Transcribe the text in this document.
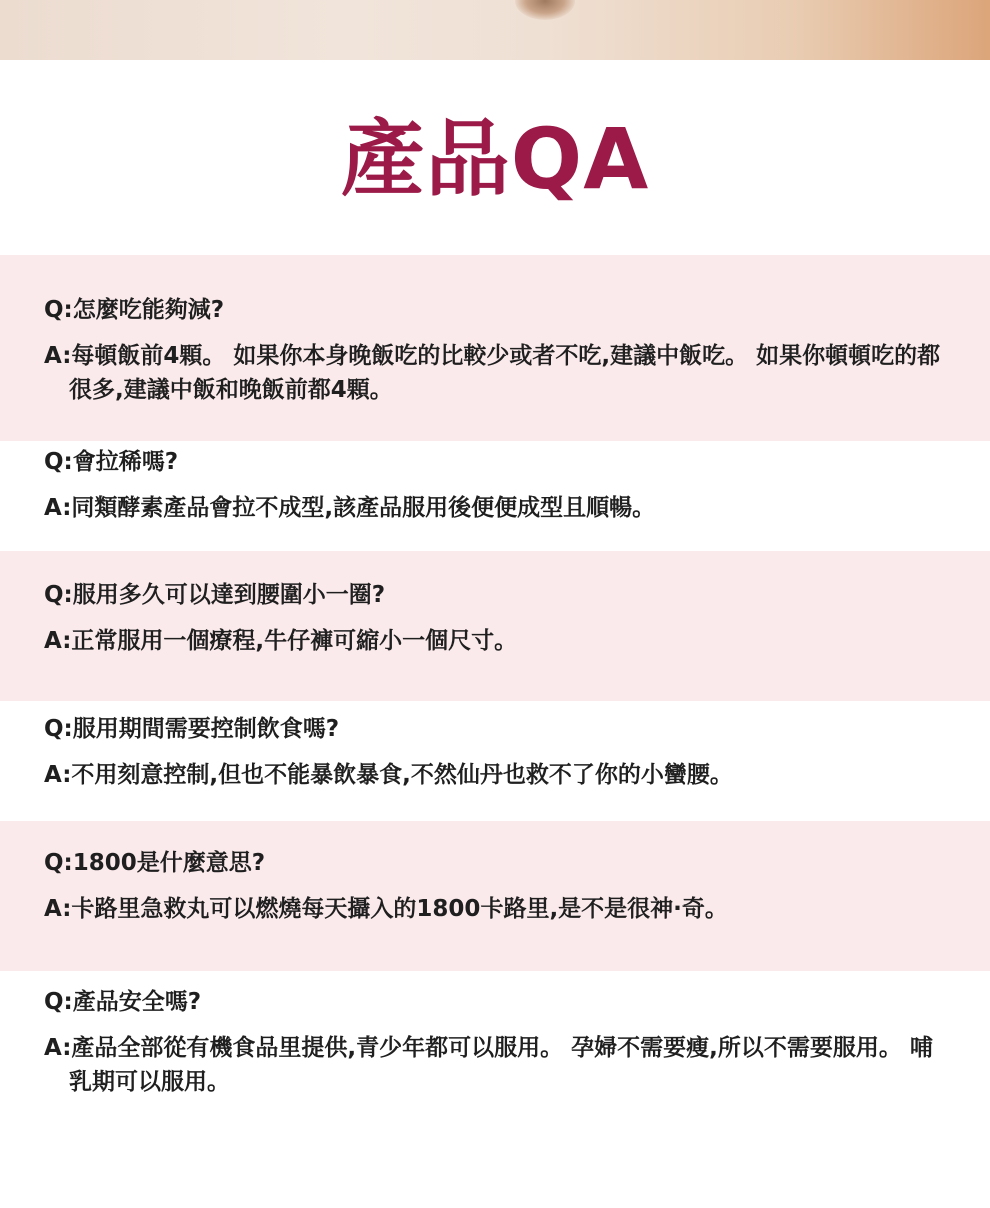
產品QA
Q:怎麼吃能夠減?
A:每頓飯前4顆。 如果你本身晚飯吃的比較少或者不吃,建議中飯吃。 如果你頓頓吃的都很多,建議中飯和晚飯前都4顆。
Q:會拉稀嗎?
A:同類酵素產品會拉不成型,該產品服用後便便成型且順暢。
Q:服用多久可以達到腰圍小一圈?
A:正常服用一個療程,牛仔褲可縮小一個尺寸。
Q:服用期間需要控制飲食嗎?
A:不用刻意控制,但也不能暴飲暴食,不然仙丹也救不了你的小蠻腰。
Q:1800是什麼意思?
A:卡路里急救丸可以燃燒每天攝入的1800卡路里,是不是很神·奇。
Q:產品安全嗎?
A:產品全部從有機食品里提供,青少年都可以服用。 孕婦不需要瘦,所以不需要服用。 哺乳期可以服用。
